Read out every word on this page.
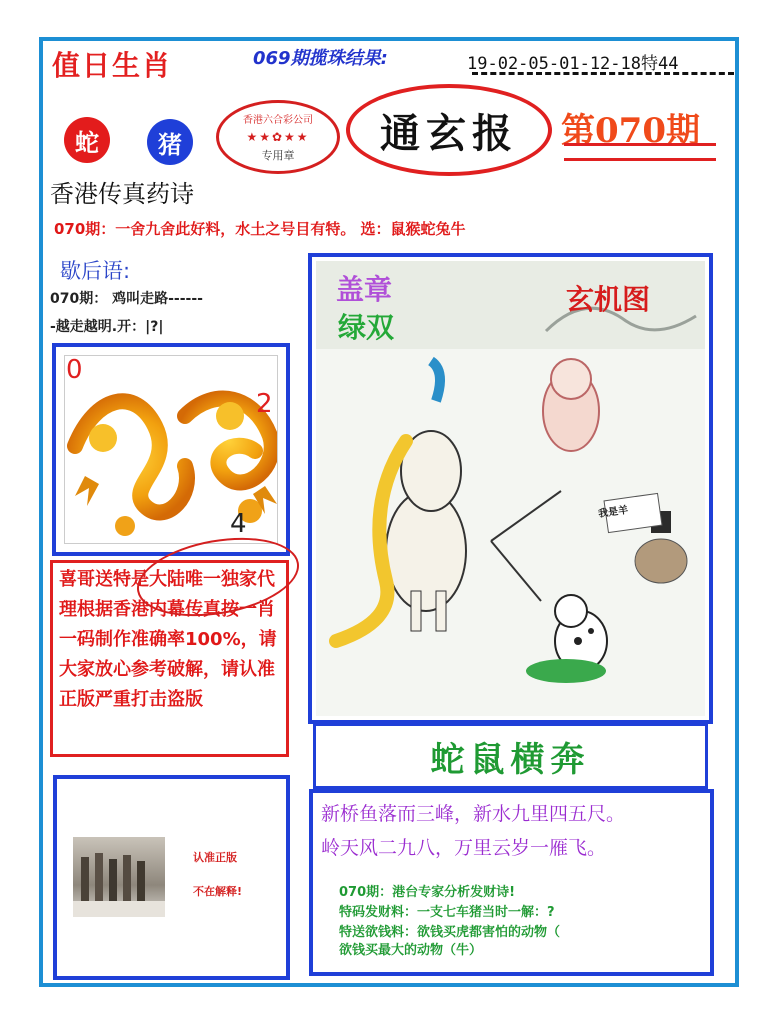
值日生肖	069期揽珠结果:	19-02-05-01-12-18特44
蛇	猪
香港六合彩公司
★★✿★★
专用章	通玄报	第070期
香港传真药诗
070期：一舍九舍此好料，水土之号目有特。 选：鼠猴蛇兔牛
歇后语:
070期： 鸡叫走路------
-越走越明.开：|?|
0
2
4
喜哥送特是大陆唯一独家代理根据香港内幕传真按一肖一码制作准确率100%，请大家放心参考破解，请认准正版严重打击盗版
认准正版
不在解释!
我是羊
盖章
绿双
玄机图
蛇鼠横奔
新桥鱼落而三峰，新水九里四五尺。
岭天风二九八，万里云岁一雁飞。
070期：港台专家分析发财诗!
特码发财料：一支七车猪当时一解：?
特送欲钱料：欲钱买虎都害怕的动物（
欲钱买最大的动物（牛）
